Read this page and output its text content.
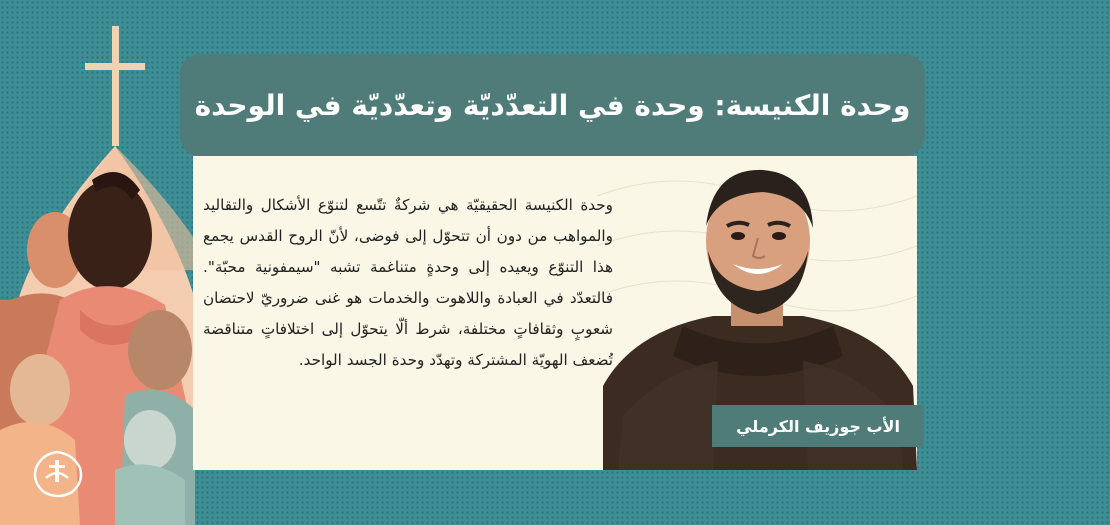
وحدة الكنيسة: وحدة في التعدّديّة وتعدّديّة في الوحدة

وحدة الكنيسة الحقيقيّة هي شركةٌ تتّسع لتنوّع الأشكال والتقاليد والمواهب من دون أن تتحوّل إلى فوضى، لأنّ الروح القدس يجمع هذا التنوّع ويعيده إلى وحدةٍ متناغمة تشبه "سيمفونية محبّة". فالتعدّد في العبادة واللاهوت والخدمات هو غنى ضروريّ لاحتضان شعوبٍ وثقافاتٍ مختلفة، شرط ألّا يتحوّل إلى اختلافاتٍ متناقضة تُضعف الهويّة المشتركة وتهدّد وحدة الجسد الواحد.

الأب جوزيف الكرملي
